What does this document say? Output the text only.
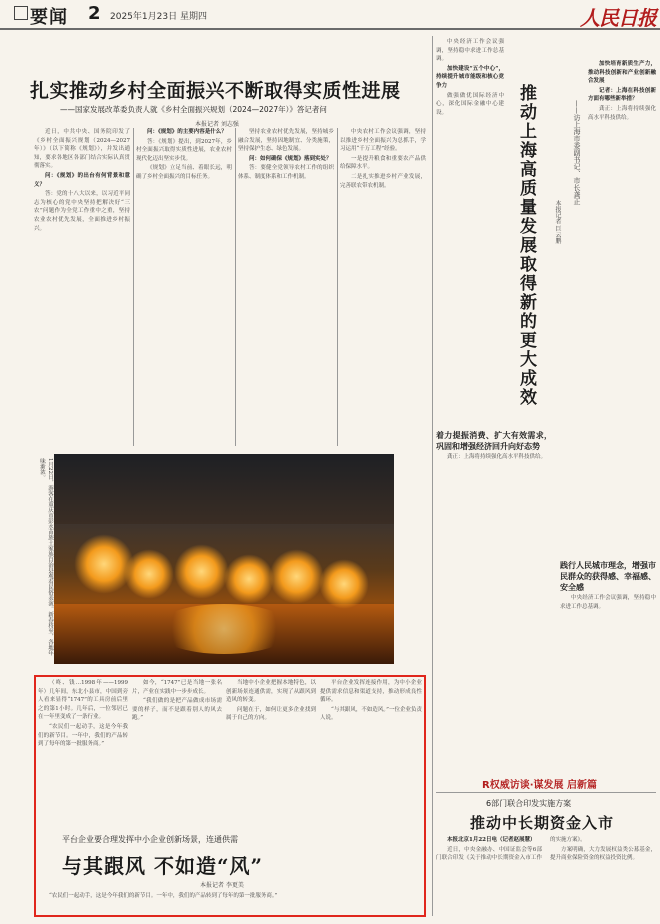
要闻 2 2025年1月23日 星期四	人民日报
扎实推动乡村全面振兴不断取得实质性进展
——国家发展改革委负责人就《乡村全面振兴规划（2024—2027年）》答记者问
本报记者 刘志强

近日，中共中央、国务院印发了《乡村全面振兴规划（2024—2027年）》（以下简称《规划》），并发出通知，要求各地区各部门结合实际认真贯彻落实。

问：《规划》的出台有何背景和意义？

答：党的十八大以来，以习近平同志为核心的党中央坚持把解决好“三农”问题作为全党工作重中之重，坚持农业农村优先发展，全面推进乡村振兴。

问：《规划》的主要内容是什么？

答：《规划》提出，到2027年，乡村全面振兴取得实质性进展，农业农村现代化迈出坚实步伐。

《规划》立足当前、着眼长远，明确了乡村全面振兴的目标任务。

坚持农业农村优先发展，坚持城乡融合发展，坚持因地制宜、分类施策，坚持保护生态、绿色发展。

问：如何确保《规划》落到实处？

答：要健全党领导农村工作的组织体系、制度体系和工作机制。

中央农村工作会议强调，坚持以推进乡村全面振兴为总抓手，学习运用“千万工程”经验。

一是提升粮食和重要农产品供给保障水平。

二是扎实推进乡村产业发展，完善联农带农机制。

1月22日，游客在重庆市彭水苗族土家族自治县观看民俗表演。新春将至，各地年味渐浓。

（咚、钱…1998年——1999年）几年间，东北小县市，中国到旁人看来显得“1747”的工具房前后里之的第1小时。几年后，一位邻居已在一年里变成了一条行业。

“农民们一起动手，这是今年我们的新节目。一年中，我们的产品转到了每年的第一批服务商。”

如今，“1747”已是当地一张名片，产业在实践中一步步成长。

“我们做的是把产品做成市场需要的样子，而不是跟着别人的风去跑。”

当地中小企业把握本地特色，以创新场景连通供需，实现了从跟风到造风的转变。

问题在于，如何让更多企业找到属于自己的方向。

平台企业发挥连接作用，为中小企业提供需求信息和渠道支持，推动形成良性循环。

“与其跟风，不如造风。”一位企业负责人说。

平台企业要合理发挥中小企业创新场景，连通供需
与其跟风 不如造“风”
本报记者 李更美

“农民们一起动手，这是今年我们的新节目。一年中，我们的产品转到了每年的第一批服务商。”

中央经济工作会议强调，坚持稳中求进工作总基调。

加快建设“五个中心”，持续提升城市能级和核心竞争力

做强做优国际经济中心，深化国际金融中心建设。	推动上海高质量发展取得新的更大成效	——访上海市委副书记、市长龚正
本报记者 巨云鹏

加快培育新质生产力，推动科技创新和产业创新融合发展

记者：上海在科技创新方面有哪些新举措？

龚正：上海将持续强化高水平科技供给。

着力提振消费、扩大有效需求，巩固和增强经济回升向好态势

龚正：上海将持续强化高水平科技供给。

践行人民城市理念，增强市民群众的获得感、幸福感、安全感

中央经济工作会议强调，坚持稳中求进工作总基调。

R权威访谈·谋发展 启新篇
6部门联合印发实施方案
推动中长期资金入市

本报北京1月22日电（记者赵展慧）

近日，中央金融办、中国证监会等6部门联合印发《关于推动中长期资金入市工作的实施方案》。

方案明确，大力发展权益类公募基金，提升商业保险资金的权益投资比例。
